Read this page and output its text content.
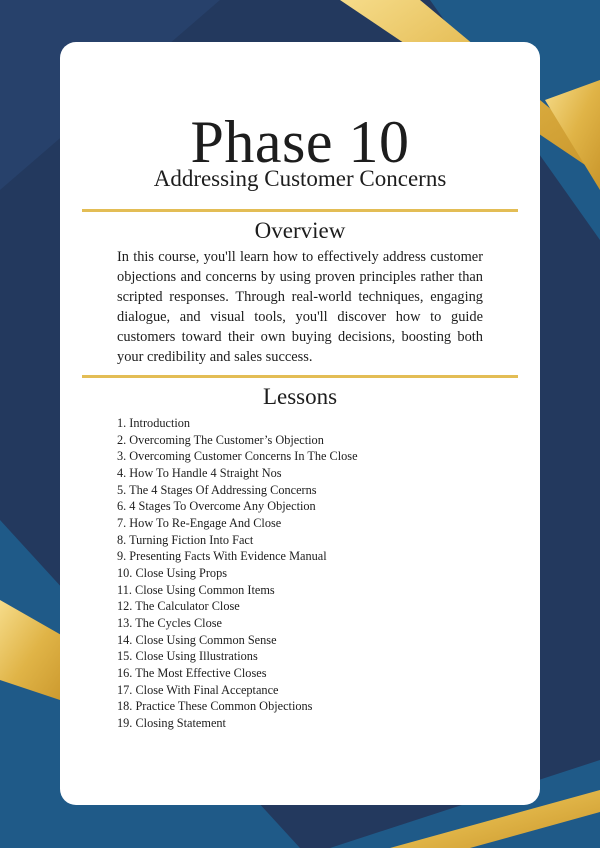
Phase 10
Addressing Customer Concerns
Overview
In this course, you'll learn how to effectively address customer objections and concerns by using proven principles rather than scripted responses. Through real-world techniques, engaging dialogue, and visual tools, you'll discover how to guide customers toward their own buying decisions, boosting both your credibility and sales success.
Lessons
1. Introduction
2. Overcoming The Customer’s Objection
3. Overcoming Customer Concerns In The Close
4. How To Handle 4 Straight Nos
5. The 4 Stages Of Addressing Concerns
6. 4 Stages To Overcome Any Objection
7. How To Re-Engage And Close
8. Turning Fiction Into Fact
9. Presenting Facts With Evidence Manual
10. Close Using Props
11. Close Using Common Items
12. The Calculator Close
13. The Cycles Close
14. Close Using Common Sense
15. Close Using Illustrations
16. The Most Effective Closes
17. Close With Final Acceptance
18. Practice These Common Objections
19. Closing Statement
